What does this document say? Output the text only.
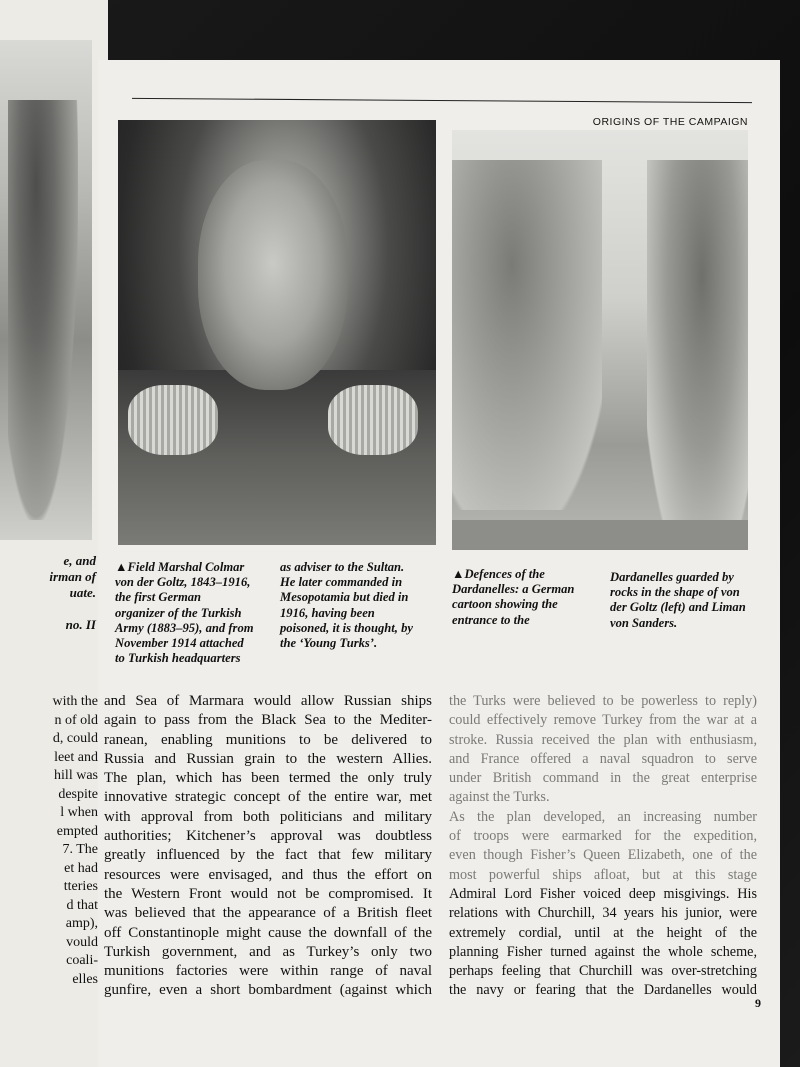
e, and
irman of
uate.
no. II
with the
n of old
d, could
leet and
hill was
despite
l when
empted
7. The
et had
tteries
d that
amp),
vould
coali-
elles
ORIGINS OF THE CAMPAIGN
▲Field Marshal Colmar
von der Goltz, 1843–1916,
the first German
organizer of the Turkish
Army (1883–95), and from
November 1914 attached
to Turkish headquarters
as adviser to the Sultan.
He later commanded in
Mesopotamia but died in
1916, having been
poisoned, it is thought, by
the ‘Young Turks’.
▲Defences of the
Dardanelles: a German
cartoon showing the
entrance to the
Dardanelles guarded by
rocks in the shape of von
der Goltz (left) and Liman
von Sanders.
and Sea of Marmara would allow Russian ships
again to pass from the Black Sea to the Mediter-
ranean, enabling munitions to be delivered to
Russia and Russian grain to the western Allies.
The plan, which has been termed the only truly
innovative strategic concept of the entire war, met
with approval from both politicians and military
authorities; Kitchener’s approval was doubtless
greatly influenced by the fact that few military
resources were envisaged, and thus the effort on
the Western Front would not be compromised. It
was believed that the appearance of a British fleet
off Constantinople might cause the downfall of the
Turkish government, and as Turkey’s only two
munitions factories were within range of naval
gunfire, even a short bombardment (against which
the Turks were believed to be powerless to reply)
could effectively remove Turkey from the war at a
stroke. Russia received the plan with enthusiasm,
and France offered a naval squadron to serve
under British command in the great enterprise
against the Turks.
As the plan developed, an increasing number
of troops were earmarked for the expedition,
even though Fisher’s Queen Elizabeth, one of the
most powerful ships afloat, but at this stage
Admiral Lord Fisher voiced deep misgivings. His
relations with Churchill, 34 years his junior, were
extremely cordial, until at the height of the
planning Fisher turned against the whole scheme,
perhaps feeling that Churchill was over-stretching
the navy or fearing that the Dardanelles would
9
